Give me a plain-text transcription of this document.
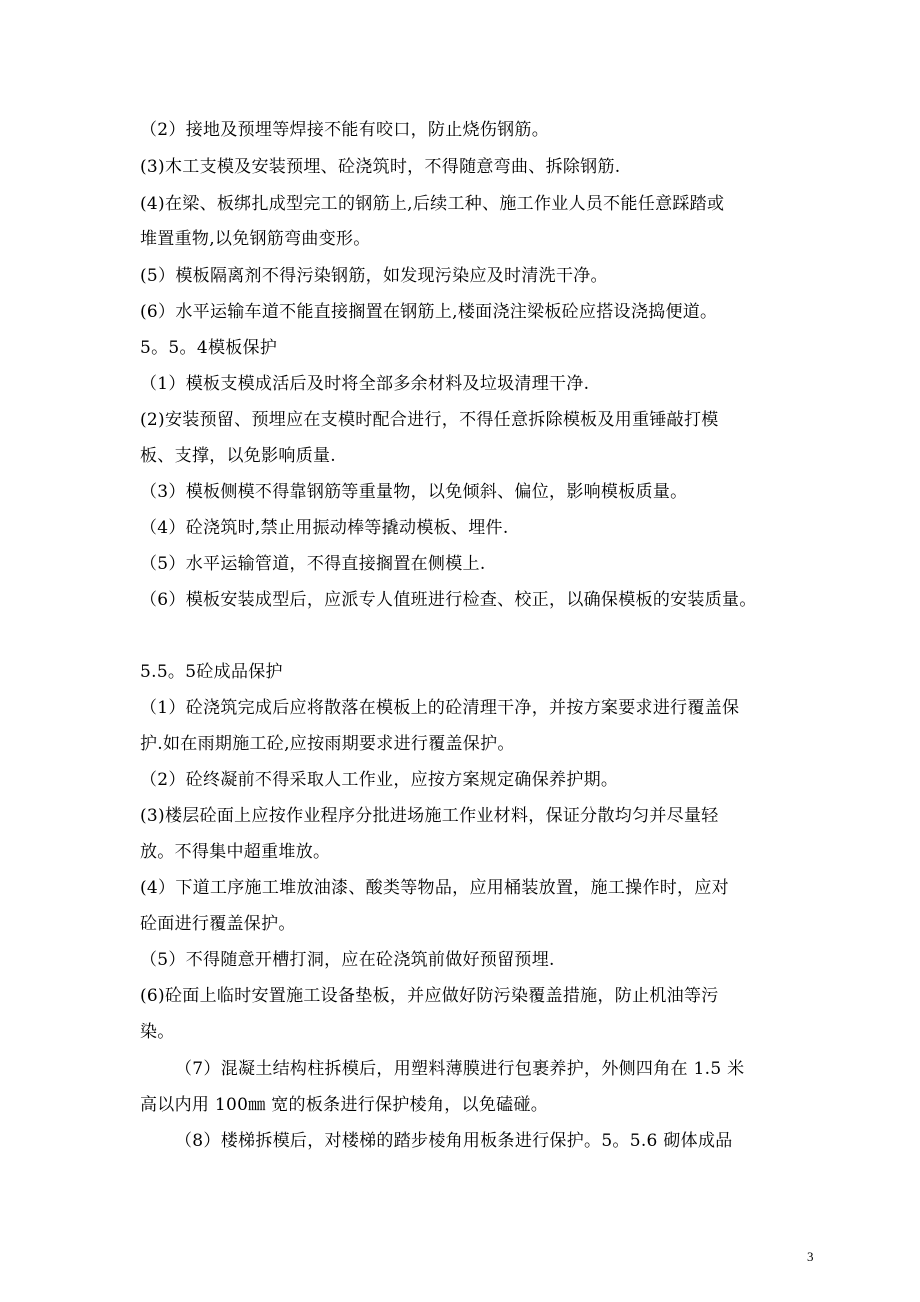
（2）接地及预埋等焊接不能有咬口，防止烧伤钢筋。
(3)木工支模及安装预埋、砼浇筑时，不得随意弯曲、拆除钢筋.
(4)在梁、板绑扎成型完工的钢筋上,后续工种、施工作业人员不能任意踩踏或
堆置重物,以免钢筋弯曲变形。
(5）模板隔离剂不得污染钢筋，如发现污染应及时清洗干净。
(6）水平运输车道不能直接搁置在钢筋上,楼面浇注梁板砼应搭设浇捣便道。
5。5。4模板保护
（1）模板支模成活后及时将全部多余材料及垃圾清理干净.
(2)安装预留、预埋应在支模时配合进行，不得任意拆除模板及用重锤敲打模
板、支撑，以免影响质量.
（3）模板侧模不得靠钢筋等重量物，以免倾斜、偏位，影响模板质量。
（4）砼浇筑时,禁止用振动棒等撬动模板、埋件.
（5）水平运输管道，不得直接搁置在侧模上.
（6）模板安装成型后，应派专人值班进行检查、校正，以确保模板的安装质量。
5.5。5砼成品保护
（1）砼浇筑完成后应将散落在模板上的砼清理干净，并按方案要求进行覆盖保
护.如在雨期施工砼,应按雨期要求进行覆盖保护。
（2）砼终凝前不得采取人工作业，应按方案规定确保养护期。
(3)楼层砼面上应按作业程序分批进场施工作业材料，保证分散均匀并尽量轻
放。不得集中超重堆放。
(4）下道工序施工堆放油漆、酸类等物品，应用桶装放置，施工操作时，应对
砼面进行覆盖保护。
（5）不得随意开槽打洞，应在砼浇筑前做好预留预埋.
(6)砼面上临时安置施工设备垫板，并应做好防污染覆盖措施，防止机油等污
染。
（7）混凝土结构柱拆模后，用塑料薄膜进行包裹养护，外侧四角在 1.5 米
高以内用 100㎜ 宽的板条进行保护棱角，以免磕碰。
（8）楼梯拆模后，对楼梯的踏步棱角用板条进行保护。5。5.6 砌体成品
3
